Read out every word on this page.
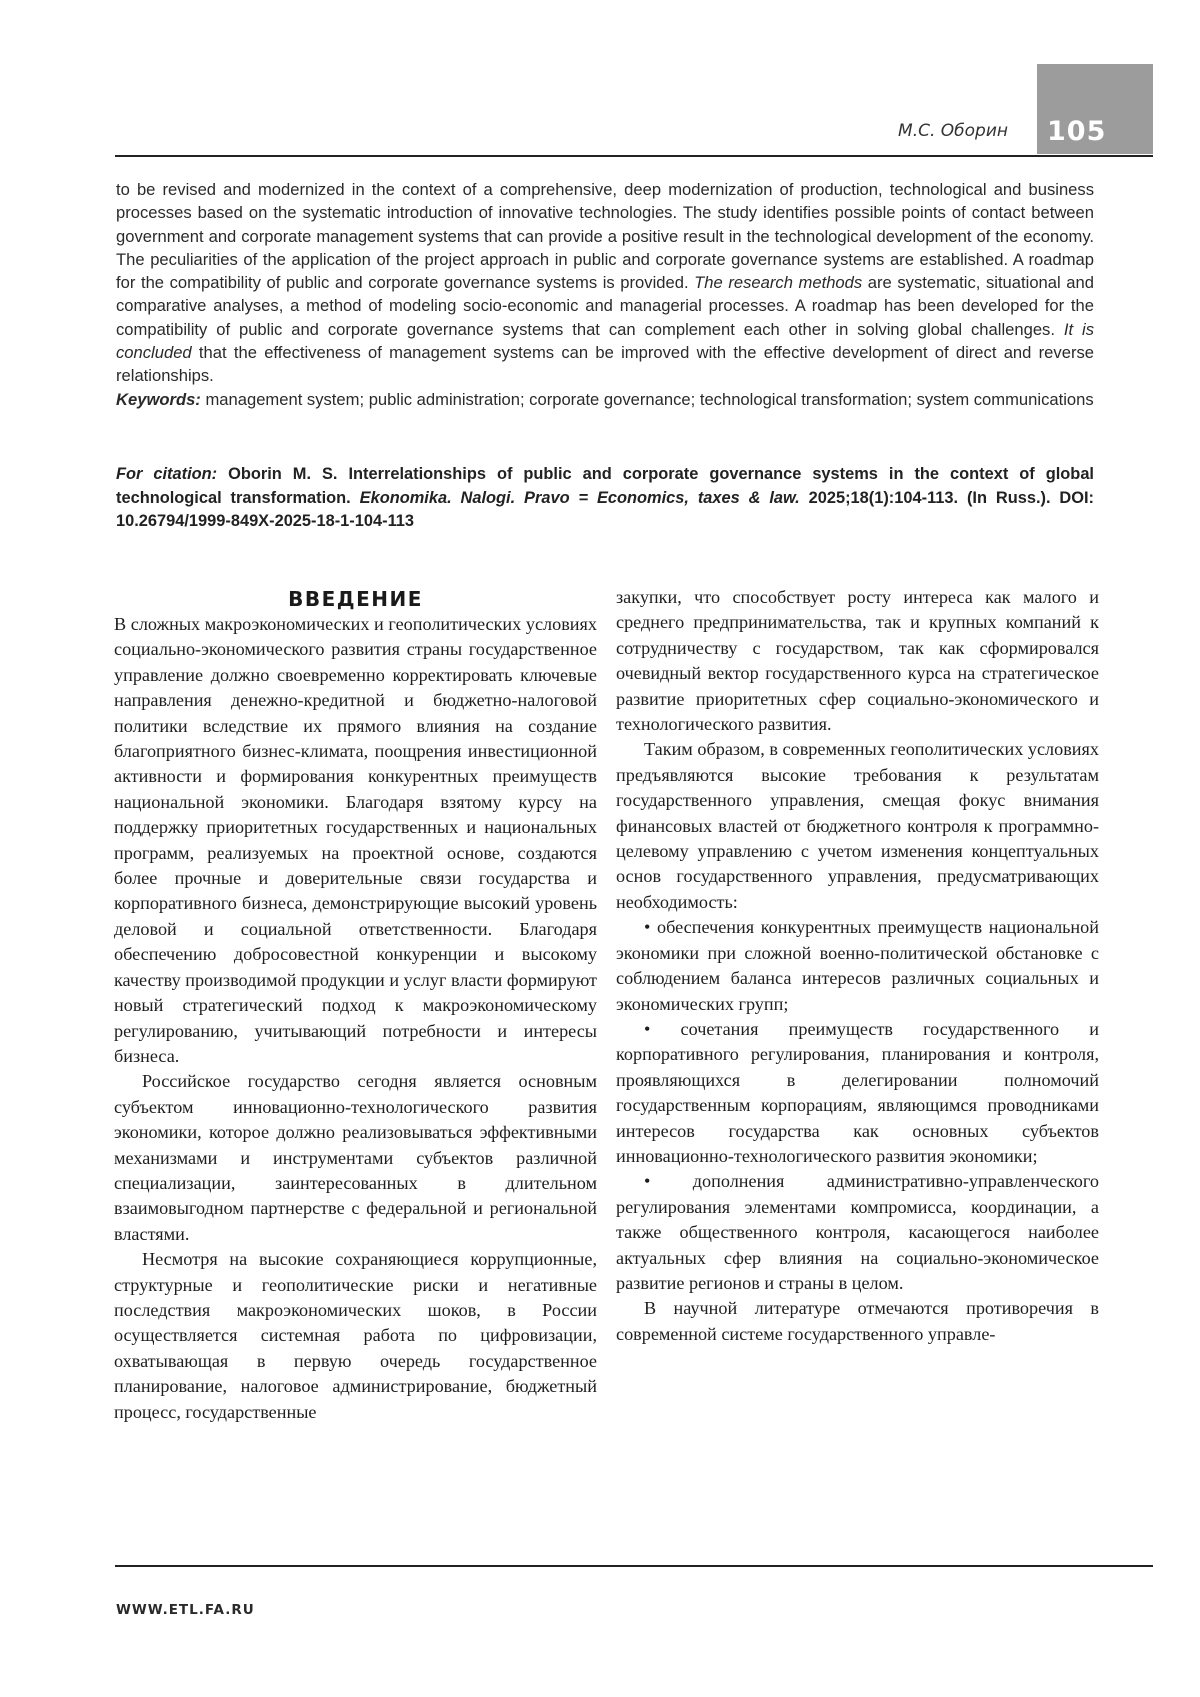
105
М.С. Оборин

to be revised and modernized in the context of a comprehensive, deep modernization of production, technological and business processes based on the systematic introduction of innovative technologies. The study identifies possible points of contact between government and corporate management systems that can provide a positive result in the technological development of the economy. The peculiarities of the application of the project approach in public and corporate governance systems are established. A roadmap for the compatibility of public and corporate governance systems is provided. The research methods are systematic, situational and comparative analyses, a method of modeling socio-economic and managerial processes. A roadmap has been developed for the compatibility of public and corporate governance systems that can complement each other in solving global challenges. It is concluded that the effectiveness of management systems can be improved with the effective development of direct and reverse relationships.

Keywords: management system; public administration; corporate governance; technological transformation; system communications

For citation: Oborin M. S. Interrelationships of public and corporate governance systems in the context of global technological transformation. Ekonomika. Nalogi. Pravo = Economics, taxes & law. 2025;18(1):104-113. (In Russ.). DOI: 10.26794/1999-849X-2025-18-1-104-113

ВВЕДЕНИЕ

В сложных макроэкономических и геополитических условиях социально-экономического развития страны государственное управление должно своевременно корректировать ключевые направления денежно-кредитной и бюджетно-налоговой политики вследствие их прямого влияния на создание благоприятного бизнес-климата, поощрения инвестиционной активности и формирования конкурентных преимуществ национальной экономики. Благодаря взятому курсу на поддержку приоритетных государственных и национальных программ, реализуемых на проектной основе, создаются более прочные и доверительные связи государства и корпоративного бизнеса, демонстрирующие высокий уровень деловой и социальной ответственности. Благодаря обеспечению добросовестной конкуренции и высокому качеству производимой продукции и услуг власти формируют новый стратегический подход к макроэкономическому регулированию, учитывающий потребности и интересы бизнеса.

Российское государство сегодня является основным субъектом инновационно-технологического развития экономики, которое должно реализовываться эффективными механизмами и инструментами субъектов различной специализации, заинтересованных в длительном взаимовыгодном партнерстве с федеральной и региональной властями.

Несмотря на высокие сохраняющиеся коррупционные, структурные и геополитические риски и негативные последствия макроэкономических шоков, в России осуществляется системная работа по цифровизации, охватывающая в первую очередь государственное планирование, налоговое администрирование, бюджетный процесс, государственные

закупки, что способствует росту интереса как малого и среднего предпринимательства, так и крупных компаний к сотрудничеству с государством, так как сформировался очевидный вектор государственного курса на стратегическое развитие приоритетных сфер социально-экономического и технологического развития.

Таким образом, в современных геополитических условиях предъявляются высокие требования к результатам государственного управления, смещая фокус внимания финансовых властей от бюджетного контроля к программно-целевому управлению с учетом изменения концептуальных основ государственного управления, предусматривающих необходимость:

• обеспечения конкурентных преимуществ национальной экономики при сложной военно-политической обстановке с соблюдением баланса интересов различных социальных и экономических групп;

• сочетания преимуществ государственного и корпоративного регулирования, планирования и контроля, проявляющихся в делегировании полномочий государственным корпорациям, являющимся проводниками интересов государства как основных субъектов инновационно-технологического развития экономики;

• дополнения административно-управленческого регулирования элементами компромисса, координации, а также общественного контроля, касающегося наиболее актуальных сфер влияния на социально-экономическое развитие регионов и страны в целом.

В научной литературе отмечаются противоречия в современной системе государственного управле-

WWW.ETL.FA.RU
